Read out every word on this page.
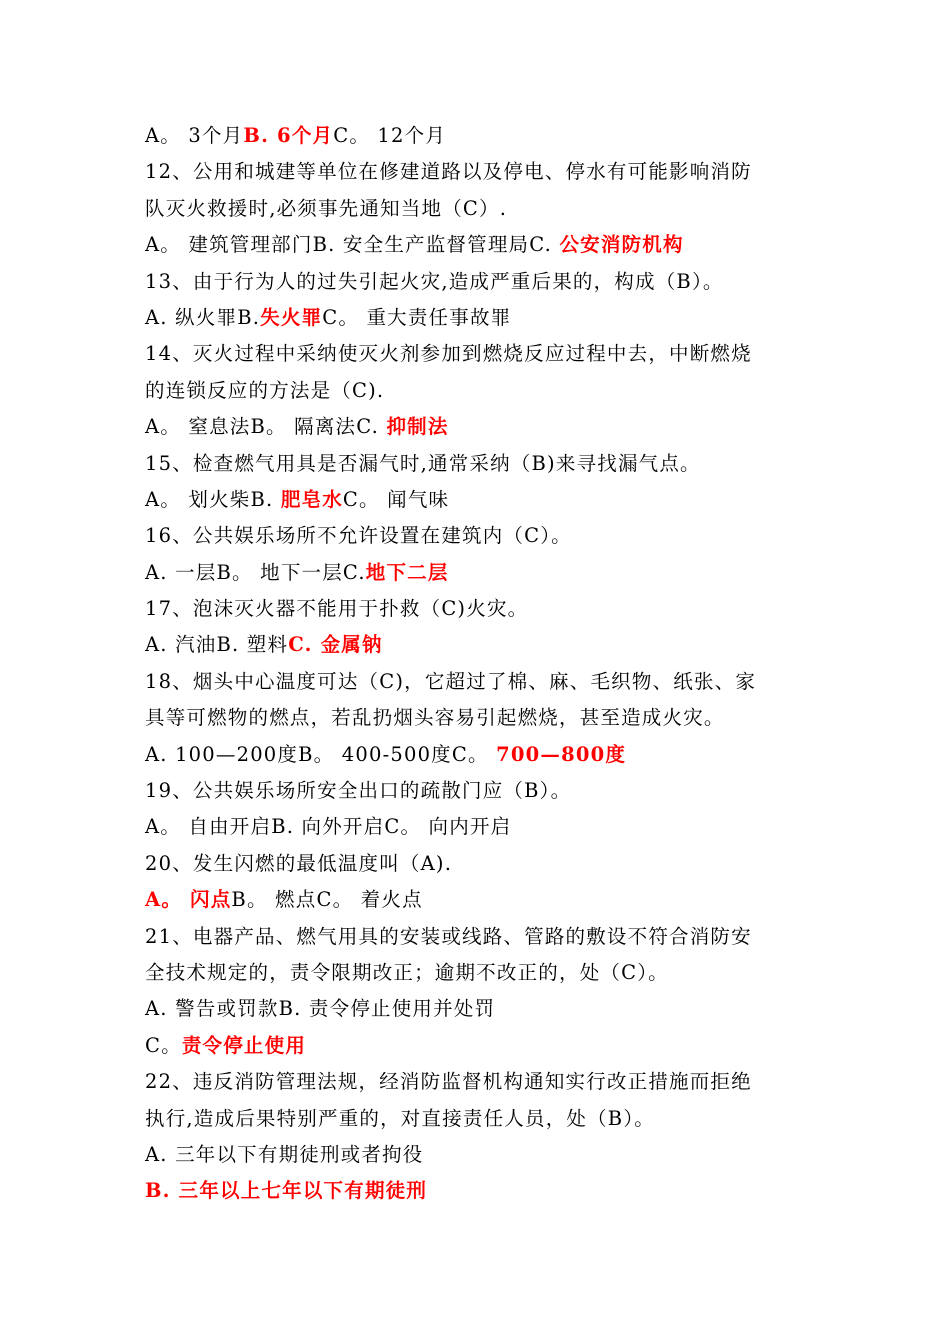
A。 3个月B. 6个月C。 12个月
12、公用和城建等单位在修建道路以及停电、停水有可能影响消防
队灭火救援时,必须事先通知当地（C）.
A。 建筑管理部门B. 安全生产监督管理局C. 公安消防机构
13、由于行为人的过失引起火灾,造成严重后果的，构成（B）。
A. 纵火罪B.失火罪C。 重大责任事故罪
14、灭火过程中采纳使灭火剂参加到燃烧反应过程中去，中断燃烧
的连锁反应的方法是（C).
A。 窒息法B。 隔离法C. 抑制法
15、检查燃气用具是否漏气时,通常采纳（B)来寻找漏气点。
A。 划火柴B. 肥皂水C。 闻气味
16、公共娱乐场所不允许设置在建筑内（C）。
A. 一层B。 地下一层C.地下二层
17、泡沫灭火器不能用于扑救（C)火灾。
A. 汽油B. 塑料C. 金属钠
18、烟头中心温度可达（C)，它超过了棉、麻、毛织物、纸张、家
具等可燃物的燃点，若乱扔烟头容易引起燃烧，甚至造成火灾。
A. 100—200度B。 400-500度C。 700—800度
19、公共娱乐场所安全出口的疏散门应（B）。
A。 自由开启B. 向外开启C。 向内开启
20、发生闪燃的最低温度叫（A).
A。 闪点B。 燃点C。 着火点
21、电器产品、燃气用具的安装或线路、管路的敷设不符合消防安
全技术规定的，责令限期改正；逾期不改正的，处（C）。
A. 警告或罚款B. 责令停止使用并处罚
C。责令停止使用
22、违反消防管理法规，经消防监督机构通知实行改正措施而拒绝
执行,造成后果特别严重的，对直接责任人员，处（B）。
A. 三年以下有期徒刑或者拘役
B. 三年以上七年以下有期徒刑
